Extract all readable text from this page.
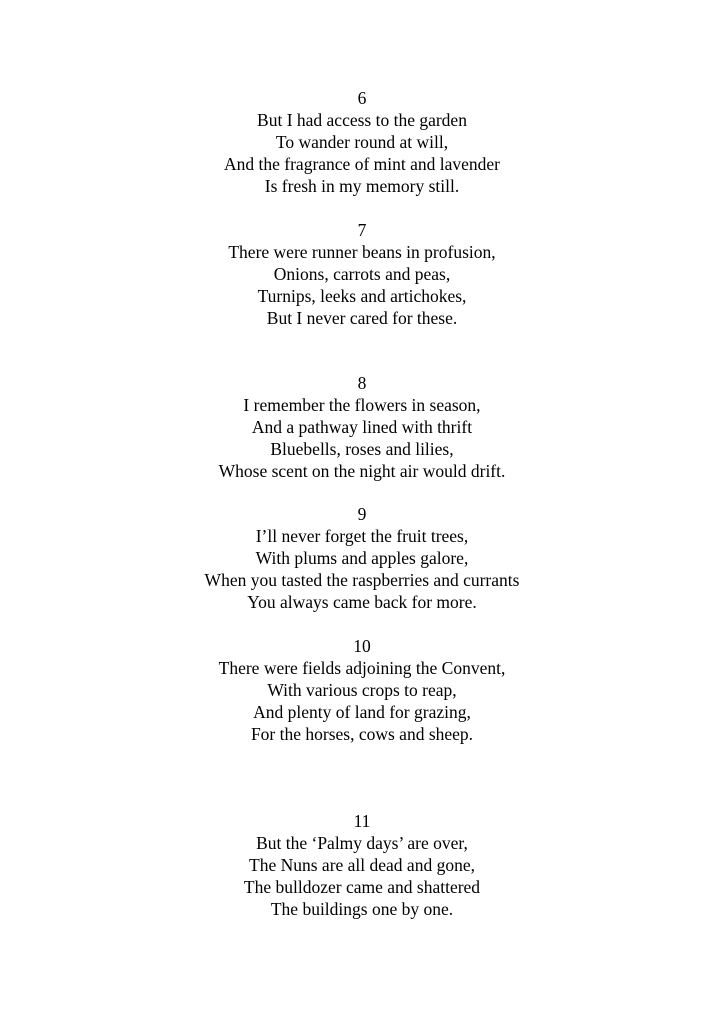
6
But I had access to the garden
To wander round at will,
And the fragrance of mint and lavender
Is fresh in my memory still.
7
There were runner beans in profusion,
Onions, carrots and peas,
Turnips, leeks and artichokes,
But I never cared for these.
8
I remember the flowers in season,
And a pathway lined with thrift
Bluebells, roses and lilies,
Whose scent on the night air would drift.
9
I’ll never forget the fruit trees,
With plums and apples galore,
When you tasted the raspberries and currants
You always came back for more.
10
There were fields adjoining the Convent,
With various crops to reap,
And plenty of land for grazing,
For the horses, cows and sheep.
11
But the ‘Palmy days’ are over,
The Nuns are all dead and gone,
The bulldozer came and shattered
The buildings one by one.
